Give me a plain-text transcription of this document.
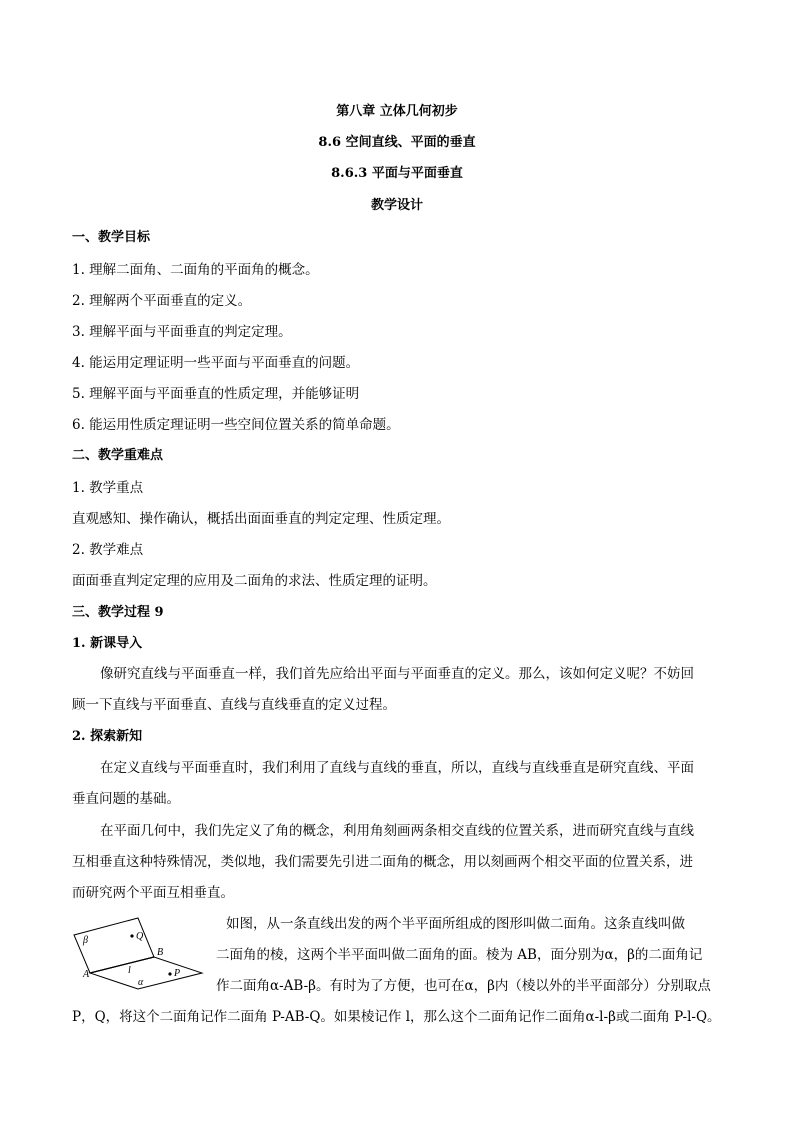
第八章 立体几何初步
8.6 空间直线、平面的垂直
8.6.3 平面与平面垂直
教学设计
一、教学目标
1. 理解二面角、二面角的平面角的概念。
2. 理解两个平面垂直的定义。
3. 理解平面与平面垂直的判定定理。
4. 能运用定理证明一些平面与平面垂直的问题。
5. 理解平面与平面垂直的性质定理，并能够证明
6. 能运用性质定理证明一些空间位置关系的简单命题。
二、教学重难点
1. 教学重点
直观感知、操作确认，概括出面面垂直的判定定理、性质定理。
2. 教学难点
面面垂直判定定理的应用及二面角的求法、性质定理的证明。
三、教学过程 9
1. 新课导入
像研究直线与平面垂直一样，我们首先应给出平面与平面垂直的定义。那么，该如何定义呢？不妨回
顾一下直线与平面垂直、直线与直线垂直的定义过程。
2. 探索新知
在定义直线与平面垂直时，我们利用了直线与直线的垂直，所以，直线与直线垂直是研究直线、平面
垂直问题的基础。
在平面几何中，我们先定义了角的概念，利用角刻画两条相交直线的位置关系，进而研究直线与直线
互相垂直这种特殊情况，类似地，我们需要先引进二面角的概念，用以刻画两个相交平面的位置关系，进
而研究两个平面互相垂直。
β	Q
B
A	l
α
P
如图，从一条直线出发的两个半平面所组成的图形叫做二面角。这条直线叫做
二面角的棱，这两个半平面叫做二面角的面。棱为 AB，面分别为α，β的二面角记
作二面角α-AB-β。有时为了方便，也可在α，β内（棱以外的半平面部分）分别取点
P，Q，将这个二面角记作二面角 P-AB-Q。如果棱记作 l，那么这个二面角记作二面角α-l-β或二面角 P-l-Q。
